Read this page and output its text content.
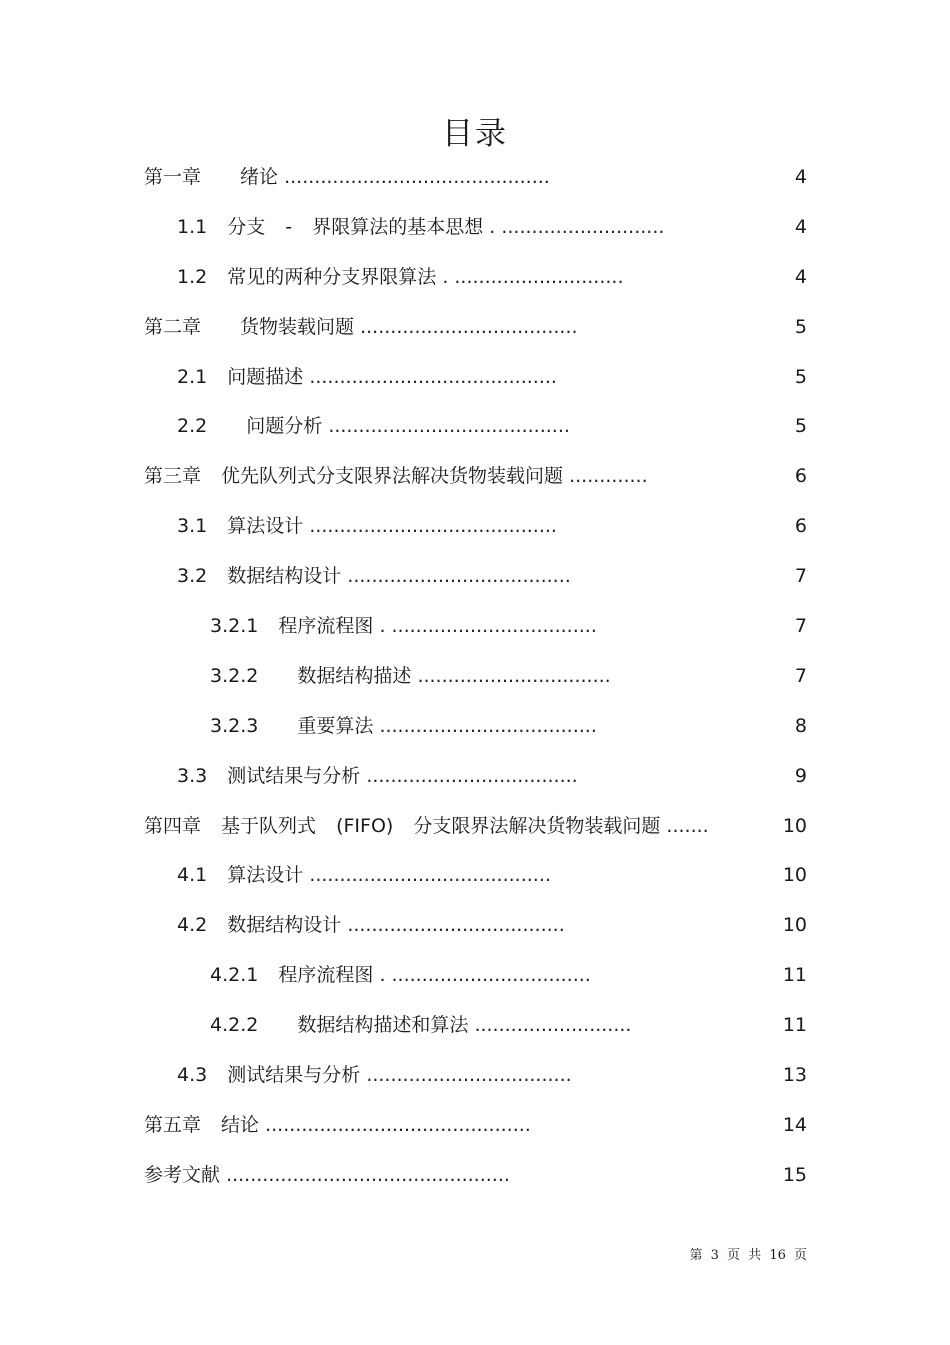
目录
第一章　 绪论 ............................................	4
1.1 分支 - 界限算法的基本思想 . ...........................	4
1.2 常见的两种分支界限算法 . ............................	4
第二章　 货物装载问题 ....................................	5
2.1 问题描述 .........................................	5
2.2　 问题分析 ........................................	5
第三章 优先队列式分支限界法解决货物装载问题 .............	6
3.1 算法设计 .........................................	6
3.2 数据结构设计 .....................................	7
3.2.1 程序流程图 . ..................................	7
3.2.2　 数据结构描述 ................................	7
3.2.3　 重要算法 ....................................	8
3.3 测试结果与分析 ...................................	9
第四章 基于队列式 (FIFO) 分支限界法解决货物装载问题 .......	10
4.1 算法设计 ........................................	10
4.2 数据结构设计 ....................................	10
4.2.1 程序流程图 . .................................	11
4.2.2　 数据结构描述和算法 ..........................	11
4.3 测试结果与分析 ..................................	13
第五章 结论 ............................................	14
参考文献 ...............................................	15
第 3 页 共 16 页
